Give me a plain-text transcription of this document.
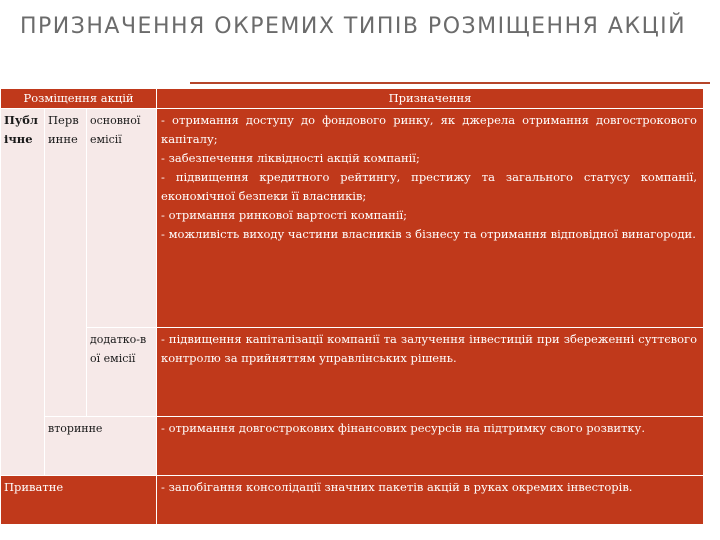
ПРИЗНАЧЕННЯ ОКРЕМИХ ТИПІВ РОЗМІЩЕННЯ АКЦІЙ
Розміщення акцій			Призначення
Публ ічне	Перв инне	основної емісії	- отримання доступу до фондового ринку, як джерела отримання довгострокового капіталу;

- забезпечення ліквідності акцій компанії;

- підвищення кредитного рейтингу, престижу та загального статусу компанії, економічної безпеки її власників;

- отримання ринкової вартості компанії;

- можливість виходу частини власників з бізнесу та отримання відповідної винагороди.

		додатко-в ої емісії	- підвищення капіталізації компанії та залучення інвестицій при збереженні суттєвого контролю за прийняттям управлінських рішень.

	вторинне		- отримання довгострокових фінансових ресурсів на підтримку свого розвитку.

Приватне			- запобігання консолідації значних пакетів акцій в руках окремих інвесторів.
